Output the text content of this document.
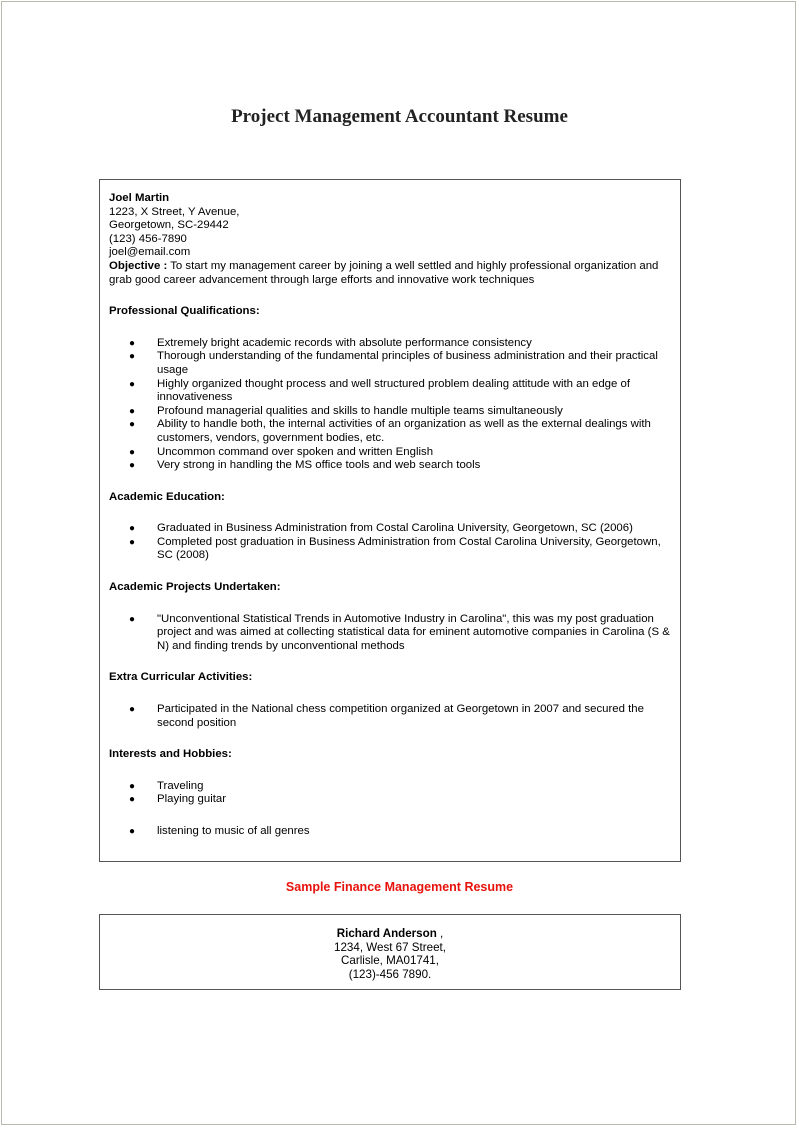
Project Management Accountant Resume

Joel Martin

1223, X Street, Y Avenue,

Georgetown, SC-29442

(123) 456-7890

joel@email.com

Objective : To start my management career by joining a well settled and highly professional organization and grab good career advancement through large efforts and innovative work techniques

Professional Qualifications:

● Extremely bright academic records with absolute performance consistency
● Thorough understanding of the fundamental principles of business administration and their practical usage
● Highly organized thought process and well structured problem dealing attitude with an edge of innovativeness
● Profound managerial qualities and skills to handle multiple teams simultaneously
● Ability to handle both, the internal activities of an organization as well as the external dealings with customers, vendors, government bodies, etc.
● Uncommon command over spoken and written English
● Very strong in handling the MS office tools and web search tools

Academic Education:

● Graduated in Business Administration from Costal Carolina University, Georgetown, SC (2006)
● Completed post graduation in Business Administration from Costal Carolina University, Georgetown, SC (2008)

Academic Projects Undertaken:

● "Unconventional Statistical Trends in Automotive Industry in Carolina", this was my post graduation project and was aimed at collecting statistical data for eminent automotive companies in Carolina (S & N) and finding trends by unconventional methods

Extra Curricular Activities:

● Participated in the National chess competition organized at Georgetown in 2007 and secured the second position

Interests and Hobbies:

● Traveling
● Playing guitar
● listening to music of all genres
Sample Finance Management Resume

Richard Anderson ,

1234, West 67 Street,

Carlisle, MA01741,

(123)-456 7890.
